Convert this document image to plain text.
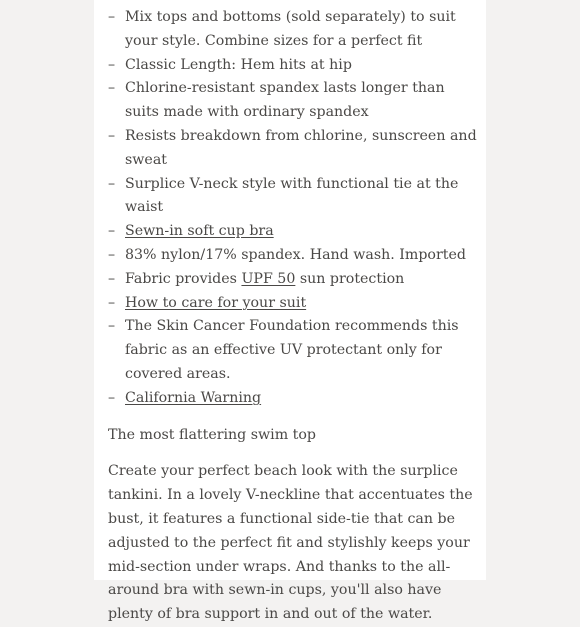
– Mix tops and bottoms (sold separately) to suit your style. Combine sizes for a perfect fit
– Classic Length: Hem hits at hip
– Chlorine-resistant spandex lasts longer than suits made with ordinary spandex
– Resists breakdown from chlorine, sunscreen and sweat
– Surplice V-neck style with functional tie at the waist
– Sewn-in soft cup bra
– 83% nylon/17% spandex. Hand wash. Imported
– Fabric provides UPF 50 sun protection
– How to care for your suit
– The Skin Cancer Foundation recommends this fabric as an effective UV protectant only for covered areas.
– California Warning

The most flattering swim top

Create your perfect beach look with the surplice tankini. In a lovely V-neckline that accentuates the bust, it features a functional side-tie that can be adjusted to the perfect fit and stylishly keeps your mid-section under wraps. And thanks to the all-around bra with sewn-in cups, you'll also have plenty of bra support in and out of the water.
